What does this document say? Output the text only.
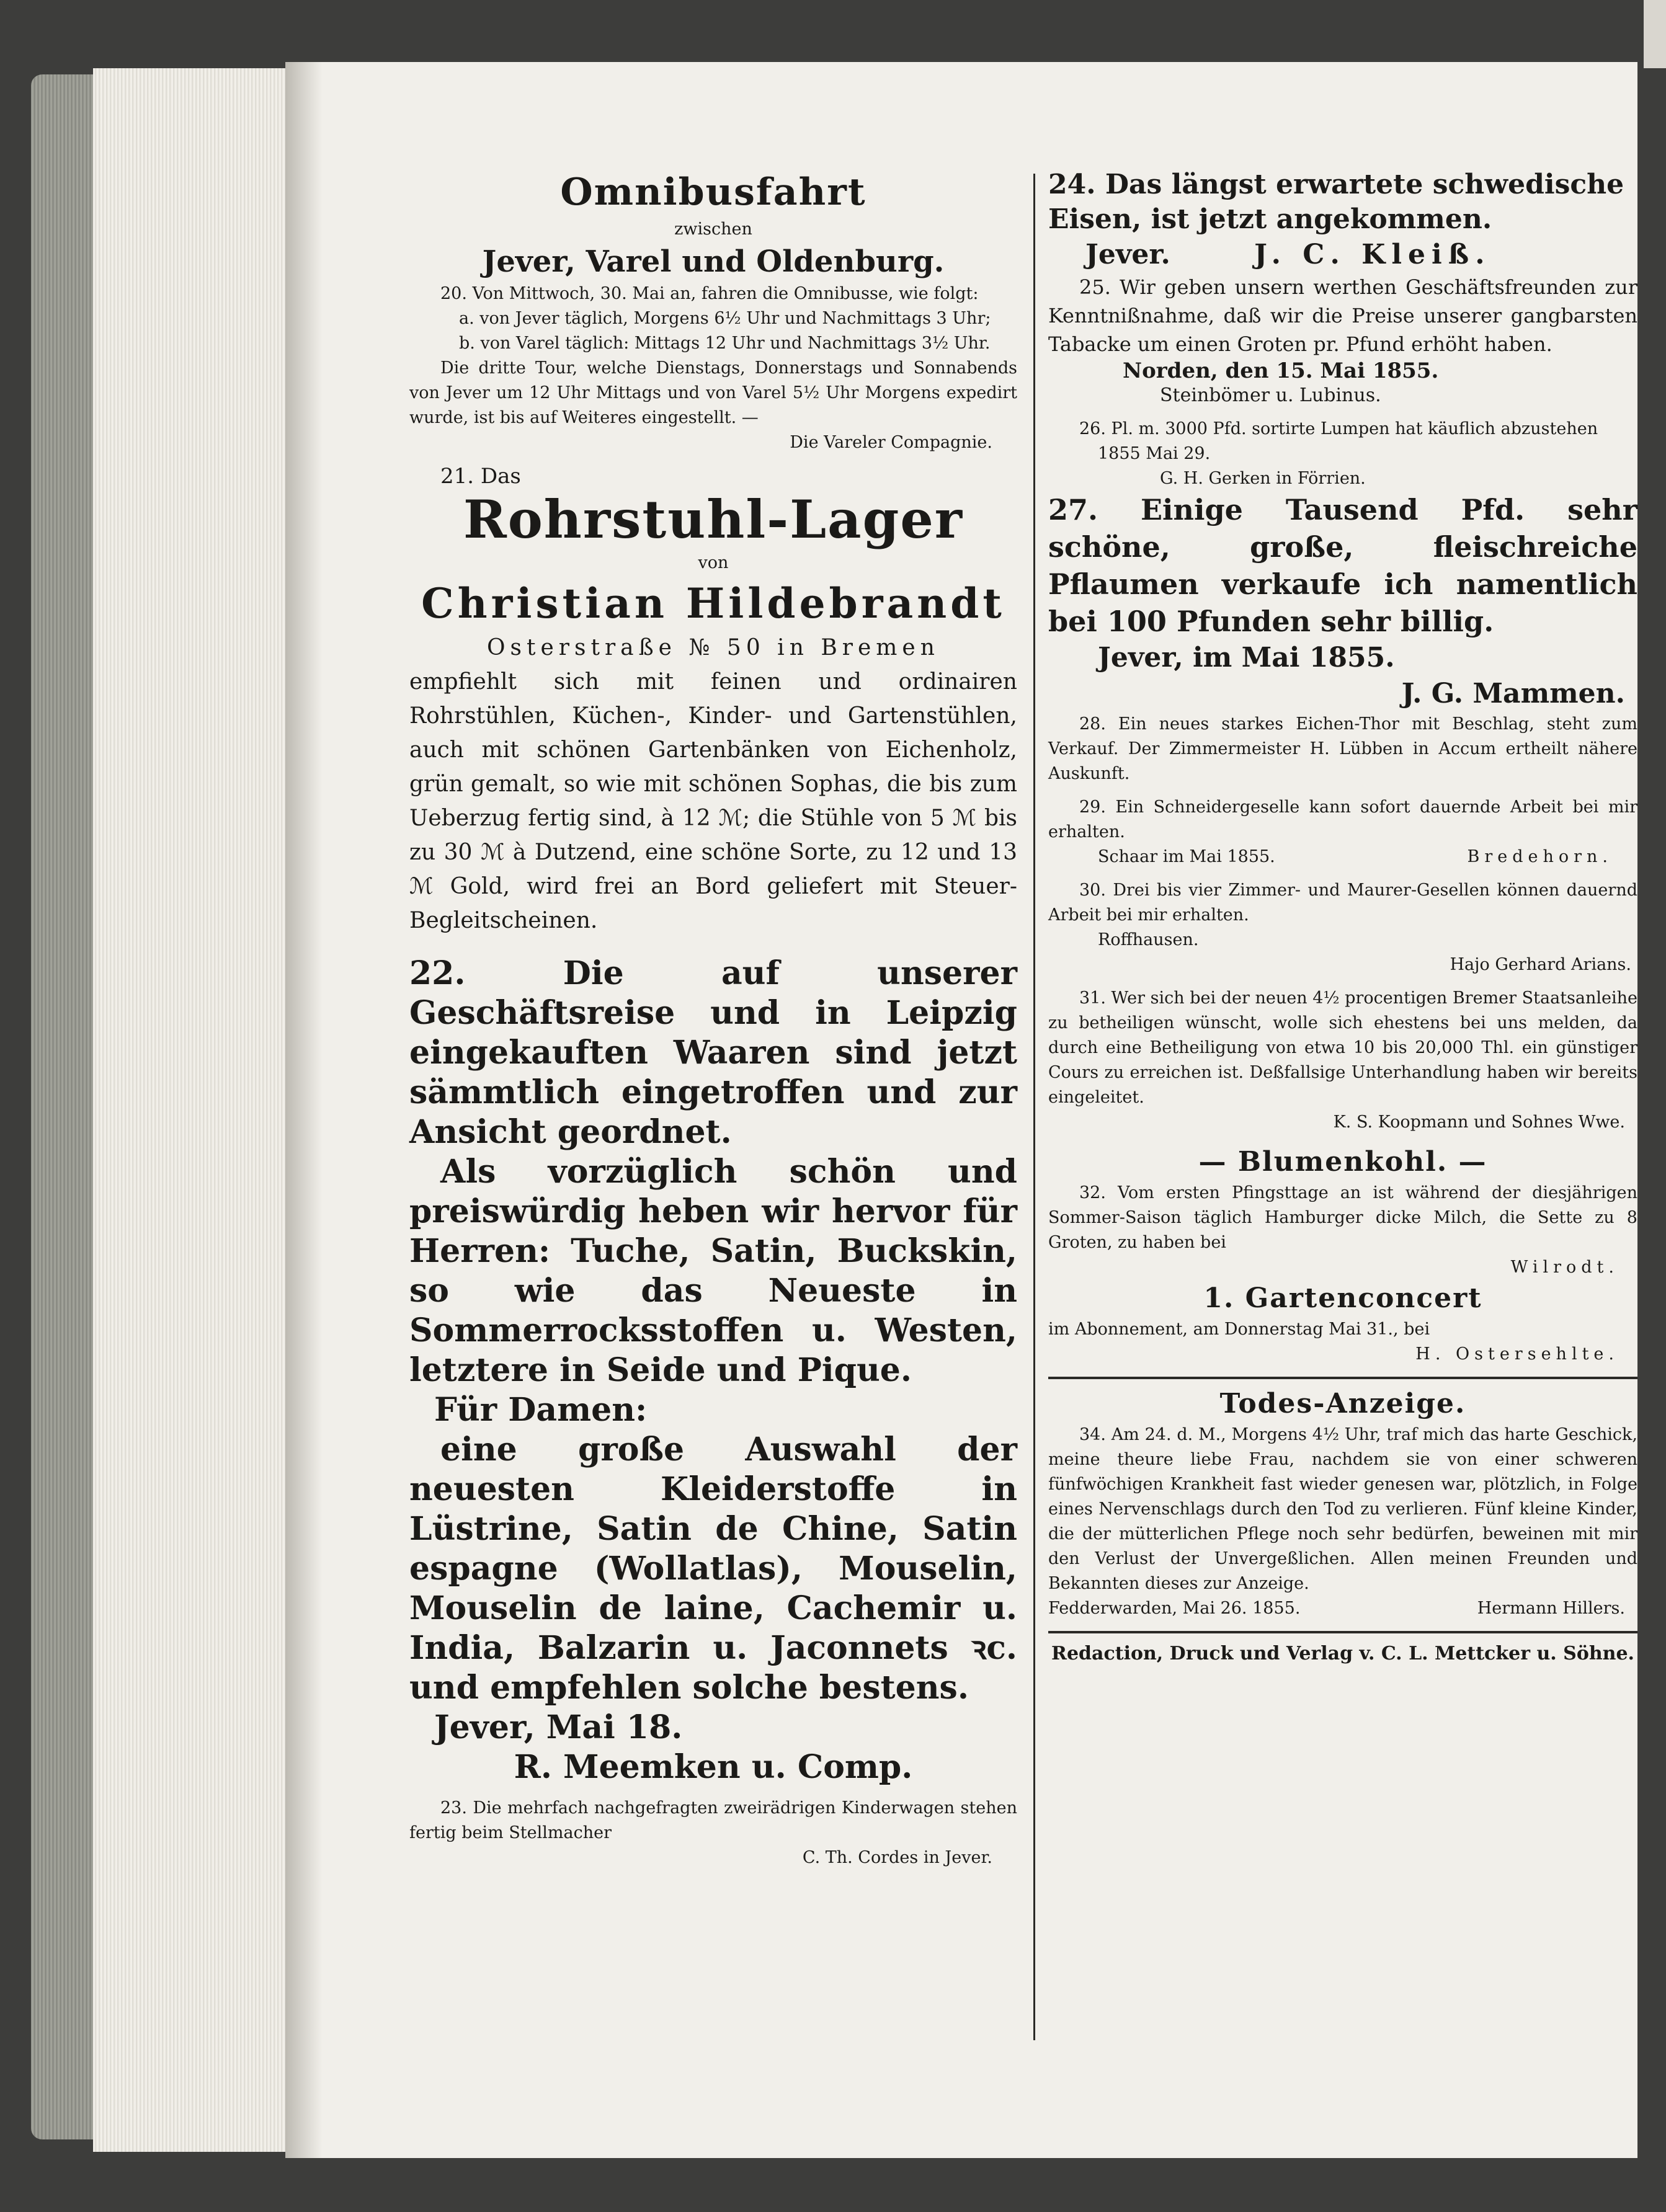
Omnibusfahrt
zwischen
Jever, Varel und Oldenburg.

20. Von Mittwoch, 30. Mai an, fahren die Omnibusse, wie folgt:

a. von Jever täglich, Morgens 6½ Uhr und Nachmittags 3 Uhr;

b. von Varel täglich: Mittags 12 Uhr und Nachmittags 3½ Uhr.

Die dritte Tour, welche Dienstags, Donnerstags und Sonnabends von Jever um 12 Uhr Mittags und von Varel 5½ Uhr Morgens expedirt wurde, ist bis auf Weiteres eingestellt. —

Die Vareler Compagnie.

21. Das

Rohrstuhl-Lager
von
Christian Hildebrandt
Osterstraße № 50 in Bremen

empfiehlt sich mit feinen und ordinairen Rohrstühlen, Küchen-, Kinder- und Gartenstühlen, auch mit schönen Gartenbänken von Eichenholz, grün gemalt, so wie mit schönen Sophas, die bis zum Ueberzug fertig sind, à 12 ℳ; die Stühle von 5 ℳ bis zu 30 ℳ à Dutzend, eine schöne Sorte, zu 12 und 13 ℳ Gold, wird frei an Bord geliefert mit Steuer-Begleitscheinen.

22. Die auf unserer Geschäftsreise und in Leipzig eingekauften Waaren sind jetzt sämmtlich eingetroffen und zur Ansicht geordnet.

Als vorzüglich schön und preiswürdig heben wir hervor für Herren: Tuche, Satin, Buckskin, so wie das Neueste in Sommerrocksstoffen u. Westen, letztere in Seide und Pique.

Für Damen:

eine große Auswahl der neuesten Kleiderstoffe in Lüstrine, Satin de Chine, Satin espagne (Wollatlas), Mouselin, Mouselin de laine, Cachemir u. India, Balzarin u. Jaconnets ꝛc. und empfehlen solche bestens.

Jever, Mai 18.

R. Meemken u. Comp.

23. Die mehrfach nachgefragten zweirädrigen Kinderwagen stehen fertig beim Stellmacher

C. Th. Cordes in Jever.

24. Das längst erwartete schwedische Eisen, ist jetzt angekommen.

Jever.	J. C. Kleiß.

25. Wir geben unsern werthen Geschäftsfreunden zur Kenntnißnahme, daß wir die Preise unserer gangbarsten Tabacke um einen Groten pr. Pfund erhöht haben.

Norden, den 15. Mai 1855.

Steinbömer u. Lubinus.

26. Pl. m. 3000 Pfd. sortirte Lumpen hat käuflich abzustehen

1855 Mai 29.

G. H. Gerken in Förrien.

27. Einige Tausend Pfd. sehr schöne, große, fleischreiche Pflaumen verkaufe ich namentlich bei 100 Pfunden sehr billig.

Jever, im Mai 1855.

J. G. Mammen.

28. Ein neues starkes Eichen-Thor mit Beschlag, steht zum Verkauf. Der Zimmermeister H. Lübben in Accum ertheilt nähere Auskunft.

29. Ein Schneidergeselle kann sofort dauernde Arbeit bei mir erhalten.

Schaar im Mai 1855.	Bredehorn.

30. Drei bis vier Zimmer- und Maurer-Gesellen können dauernd Arbeit bei mir erhalten.

Roffhausen.

Hajo Gerhard Arians.

31. Wer sich bei der neuen 4½ procentigen Bremer Staatsanleihe zu betheiligen wünscht, wolle sich ehestens bei uns melden, da durch eine Betheiligung von etwa 10 bis 20,000 Thl. ein günstiger Cours zu erreichen ist. Deßfallsige Unterhandlung haben wir bereits eingeleitet.

K. S. Koopmann und Sohnes Wwe.

— Blumenkohl. —

32. Vom ersten Pfingsttage an ist während der diesjährigen Sommer-Saison täglich Hamburger dicke Milch, die Sette zu 8 Groten, zu haben bei

Wilrodt.

1. Gartenconcert

im Abonnement, am Donnerstag Mai 31., bei

H. Ostersehlte.

Todes-Anzeige.

34. Am 24. d. M., Morgens 4½ Uhr, traf mich das harte Geschick, meine theure liebe Frau, nachdem sie von einer schweren fünfwöchigen Krankheit fast wieder genesen war, plötzlich, in Folge eines Nervenschlags durch den Tod zu verlieren. Fünf kleine Kinder, die der mütterlichen Pflege noch sehr bedürfen, beweinen mit mir den Verlust der Unvergeßlichen. Allen meinen Freunden und Bekannten dieses zur Anzeige.

Fedderwarden, Mai 26. 1855.	Hermann Hillers.

Redaction, Druck und Verlag v. C. L. Mettcker u. Söhne.
